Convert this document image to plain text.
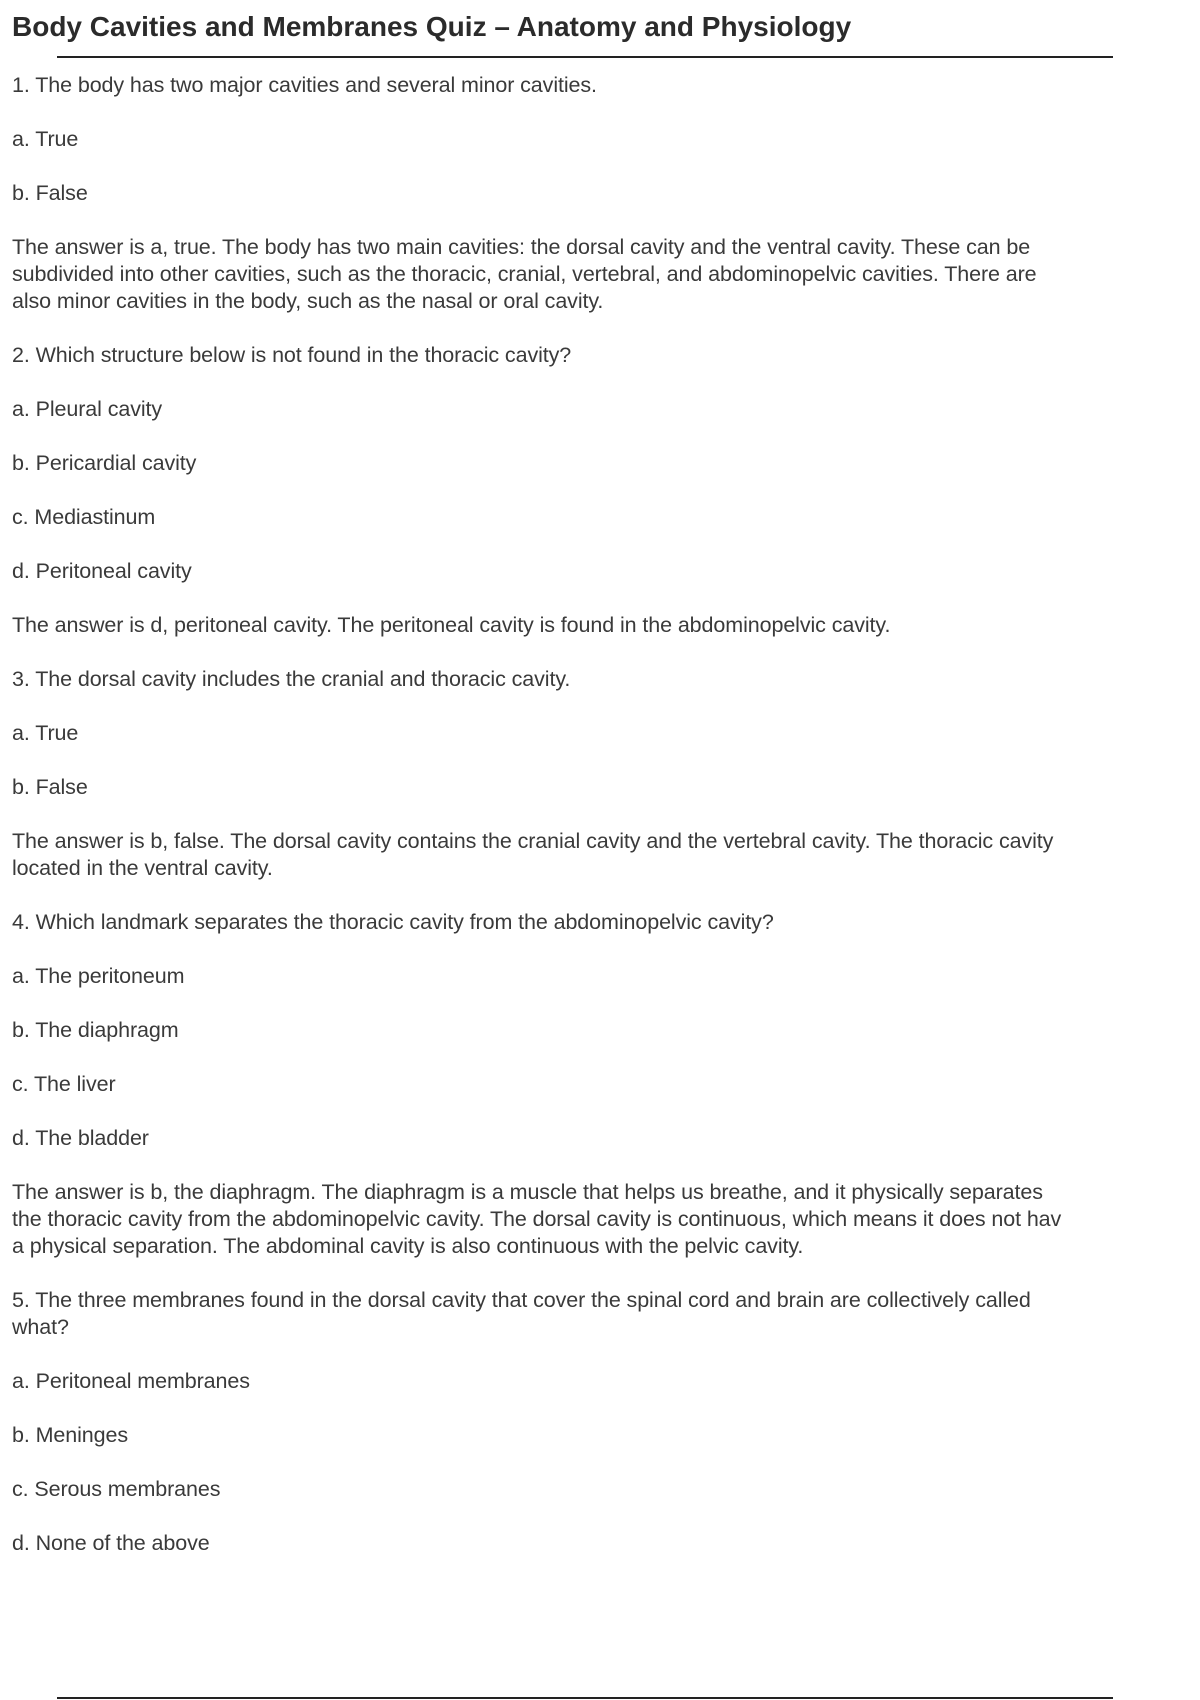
Body Cavities and Membranes Quiz – Anatomy and Physiology

1. The body has two major cavities and several minor cavities.

a. True

b. False

The answer is a, true. The body has two main cavities: the dorsal cavity and the ventral cavity. These can be
subdivided into other cavities, such as the thoracic, cranial, vertebral, and abdominopelvic cavities. There are
also minor cavities in the body, such as the nasal or oral cavity.

2. Which structure below is not found in the thoracic cavity?

a. Pleural cavity

b. Pericardial cavity

c. Mediastinum

d. Peritoneal cavity

The answer is d, peritoneal cavity. The peritoneal cavity is found in the abdominopelvic cavity.

3. The dorsal cavity includes the cranial and thoracic cavity.

a. True

b. False

The answer is b, false. The dorsal cavity contains the cranial cavity and the vertebral cavity. The thoracic cavity
located in the ventral cavity.

4. Which landmark separates the thoracic cavity from the abdominopelvic cavity?

a. The peritoneum

b. The diaphragm

c. The liver

d. The bladder

The answer is b, the diaphragm. The diaphragm is a muscle that helps us breathe, and it physically separates
the thoracic cavity from the abdominopelvic cavity. The dorsal cavity is continuous, which means it does not hav
a physical separation. The abdominal cavity is also continuous with the pelvic cavity.

5. The three membranes found in the dorsal cavity that cover the spinal cord and brain are collectively called
what?

a. Peritoneal membranes

b. Meninges

c. Serous membranes

d. None of the above
